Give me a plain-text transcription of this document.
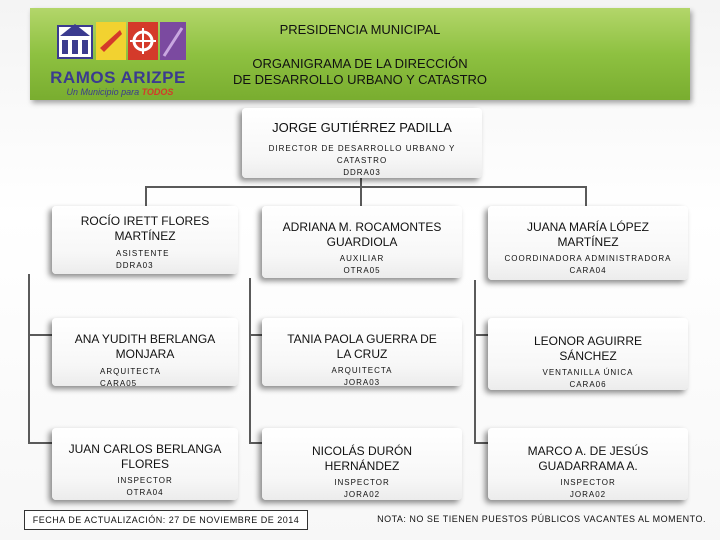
RAMOS ARIZPE
Un Municipio para TODOS
PRESIDENCIA MUNICIPAL
ORGANIGRAMA DE LA DIRECCIÓN
DE DESARROLLO URBANO Y CATASTRO
JORGE GUTIÉRREZ PADILLA
DIRECTOR DE DESARROLLO URBANO Y
CATASTRO
DDRA03
ROCÍO IRETT FLORES
MARTÍNEZ
ASISTENTE
DDRA03
ADRIANA M. ROCAMONTES
GUARDIOLA
AUXILIAR
OTRA05
JUANA MARÍA LÓPEZ
MARTÍNEZ
COORDINADORA ADMINISTRADORA
CARA04
ANA YUDITH BERLANGA
MONJARA
ARQUITECTA
CARA05
TANIA PAOLA GUERRA DE
LA CRUZ
ARQUITECTA
JORA03
LEONOR AGUIRRE
SÁNCHEZ
VENTANILLA ÚNICA
CARA06
JUAN CARLOS BERLANGA
FLORES
INSPECTOR
OTRA04
NICOLÁS DURÓN
HERNÁNDEZ
INSPECTOR
JORA02
MARCO A. DE JESÚS
GUADARRAMA A.
INSPECTOR
JORA02
FECHA DE ACTUALIZACIÓN: 27 DE NOVIEMBRE DE 2014	NOTA: NO SE TIENEN PUESTOS PÚBLICOS VACANTES AL MOMENTO.
